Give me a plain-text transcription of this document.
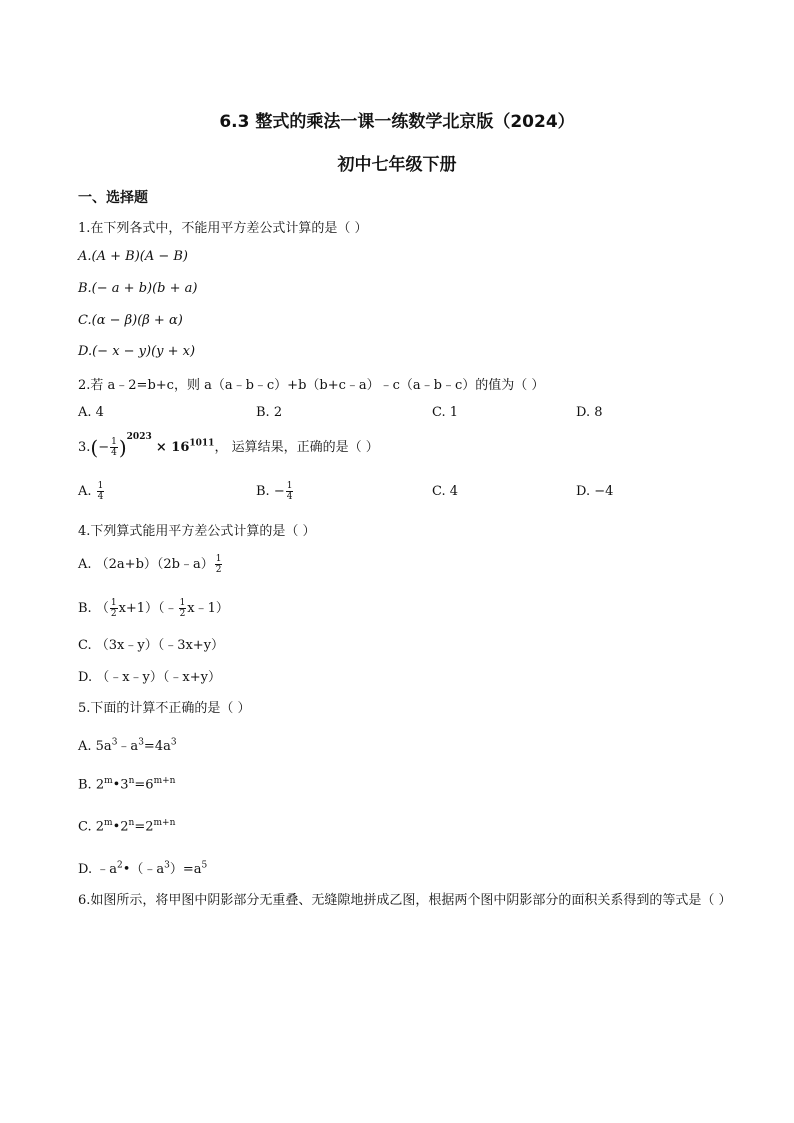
6.3 整式的乘法一课一练数学北京版（2024）
初中七年级下册
一、选择题
1.在下列各式中，不能用平方差公式计算的是（ ）
A.(A + B)(A − B)
B.(− a + b)(b + a)
C.(α − β)(β + α)
D.(− x − y)(y + x)
2.若 a﹣2=b+c，则 a（a﹣b﹣c）+b（b+c﹣a）﹣c（a﹣b﹣c）的值为（ ）
A. 4	B. 2	C. 1	D. 8
$3.(- \frac{1}{4} )^{2023} \times 16^{1011}$， 运算结果，正确的是（ ）
A. $\frac{1}{4}$	B. − $\frac{1}{4}$	C. 4	D. −4
4.下列算式能用平方差公式计算的是（ ）
A. （2a+b）（2b﹣a） $\frac{1}{2}$
B. （ $\frac{1}{2}$ x+1）（﹣ $\frac{1}{2}$ x﹣1）
C. （3x﹣y）（﹣3x+y）
D. （﹣x﹣y）（﹣x+y）
5.下面的计算不正确的是（ ）
A. $5a^3﹣a^3=4a^3$
B. $2^m•3^n=6^{m+n}$
C. $2^m•2^n=2^{m+n}$
D. $﹣a^2•(﹣a^3)=a^5$
6.如图所示，将甲图中阴影部分无重叠、无缝隙地拼成乙图，根据两个图中阴影部分的面积关系得到的等式是（ ）
